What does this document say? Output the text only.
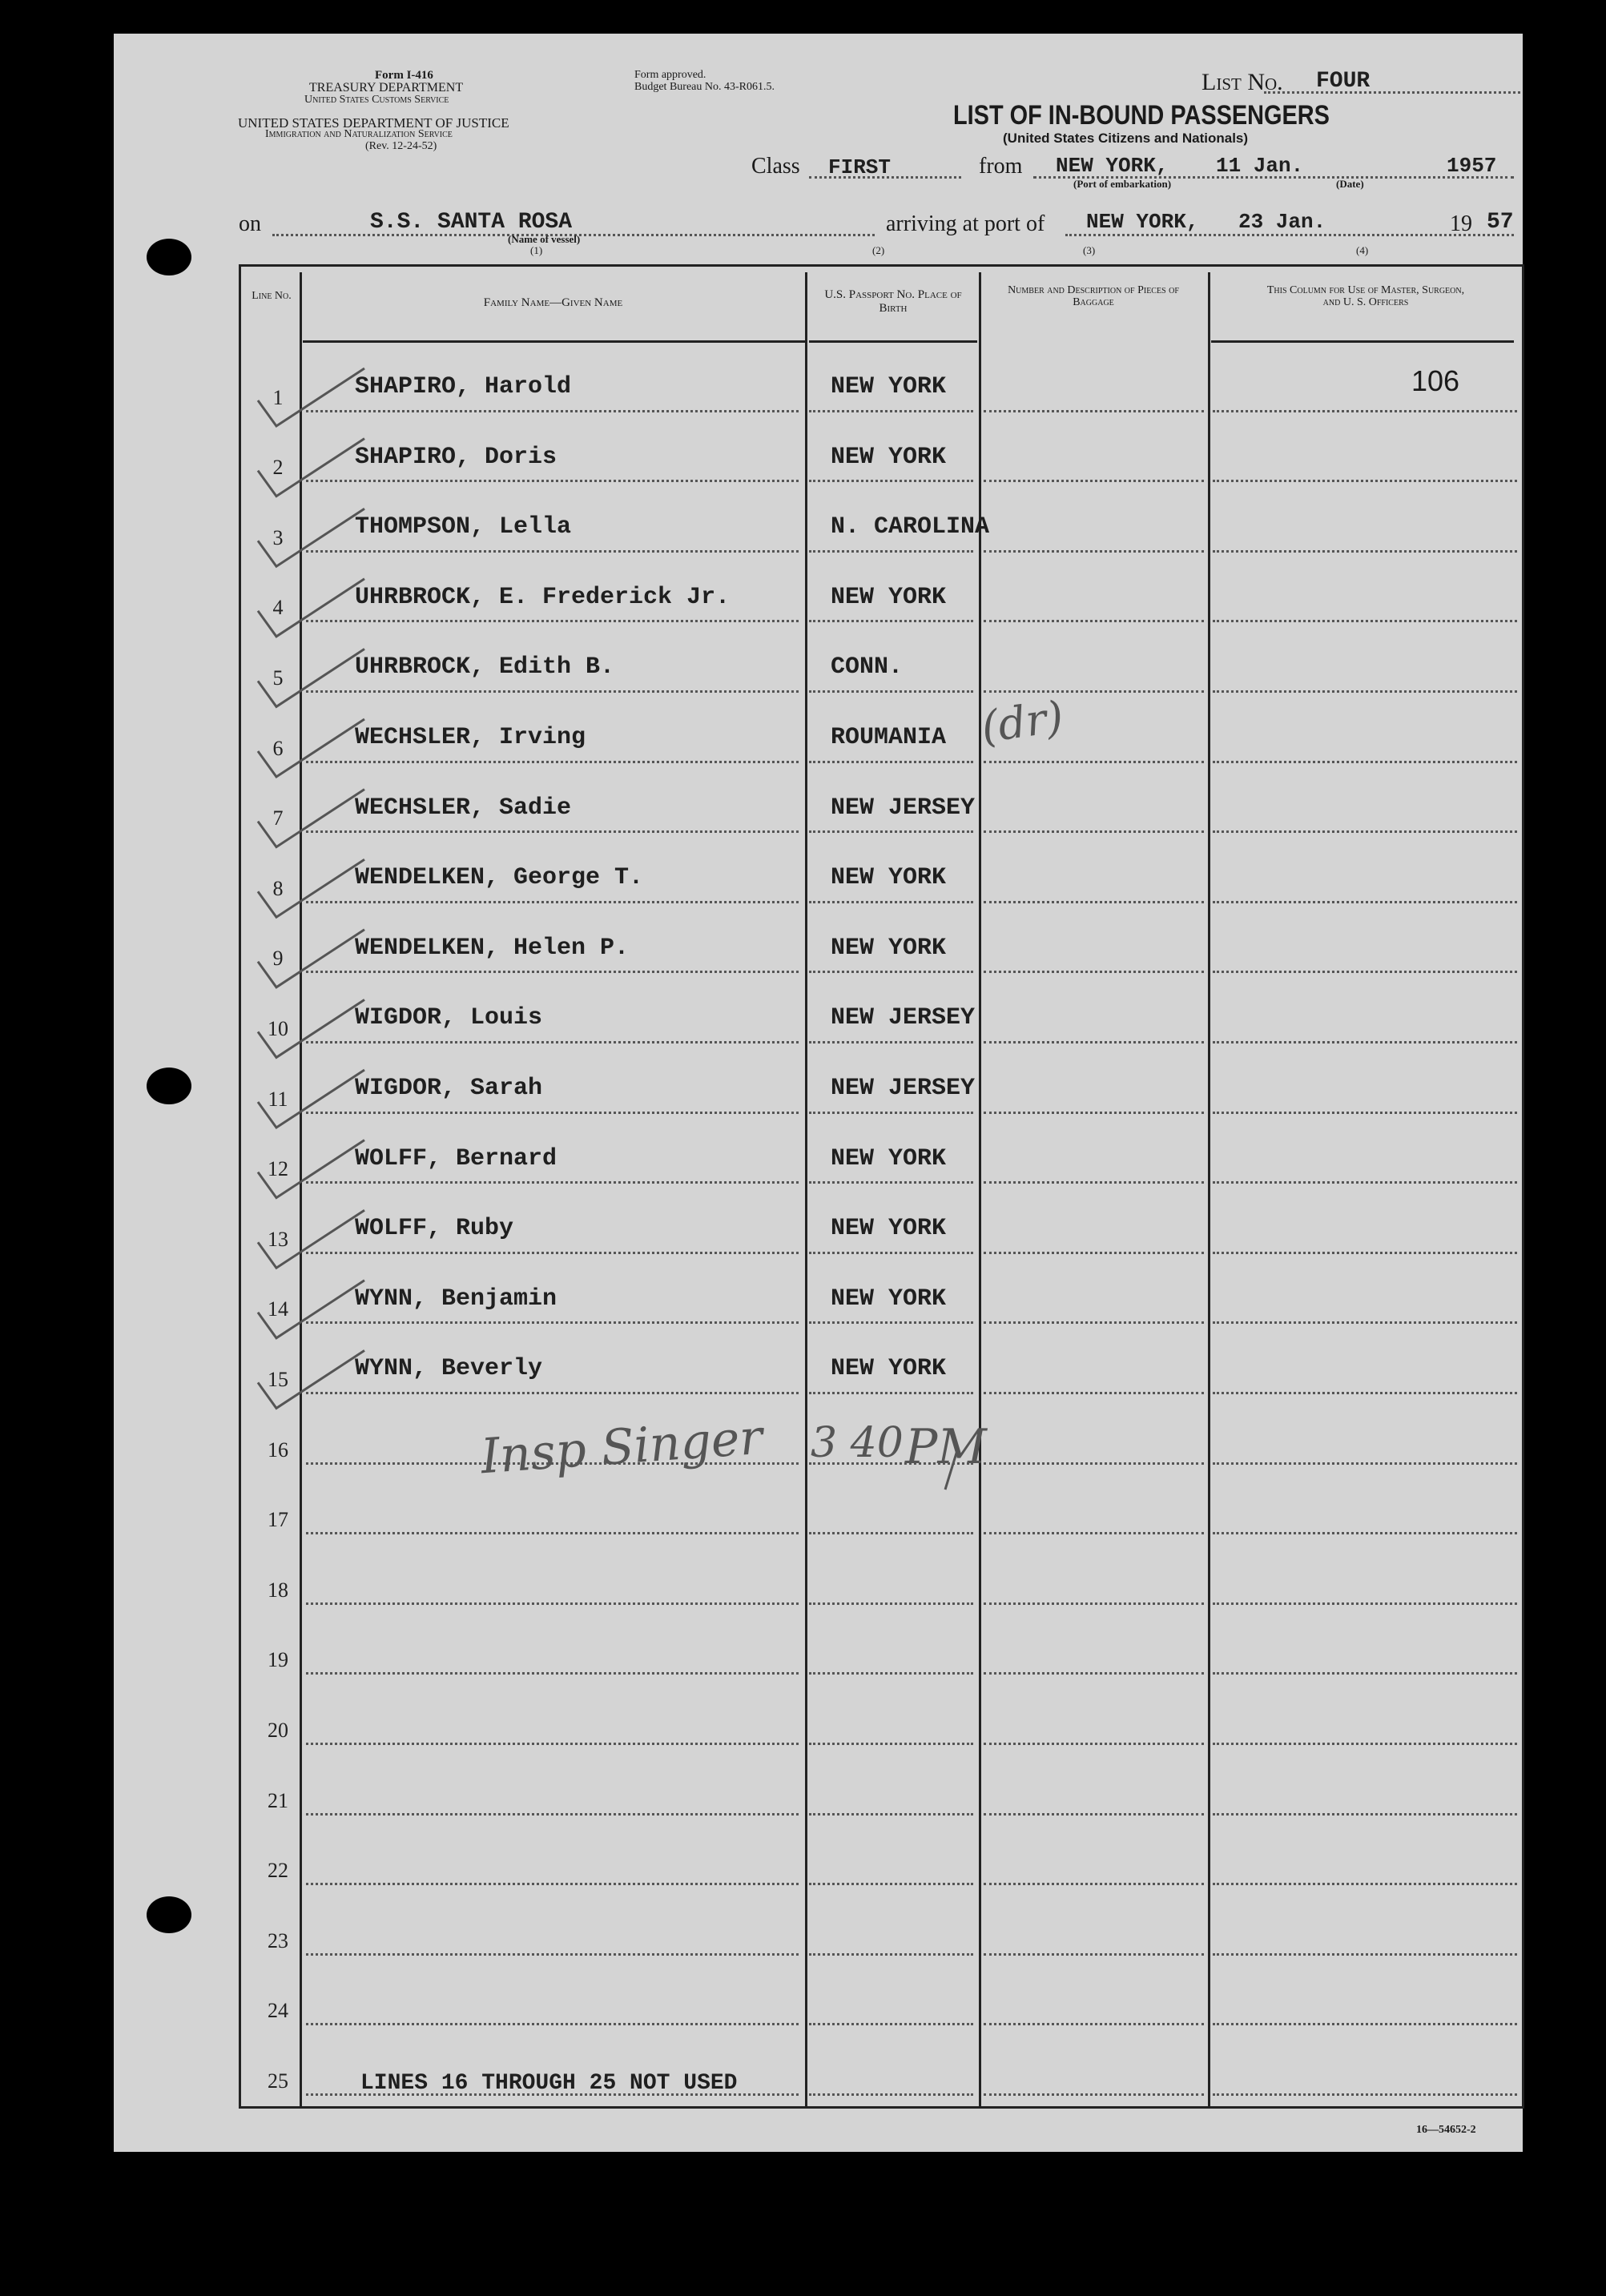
Form I-416
TREASURY DEPARTMENT
United States Customs Service
UNITED STATES DEPARTMENT OF JUSTICE
Immigration and Naturalization Service
(Rev. 12-24-52)
Form approved.
Budget Bureau No. 43-R061.5.	List No. FOUR
LIST OF IN-BOUND PASSENGERS
(United States Citizens and Nationals)
Class FIRST	from NEW YORK, 11 Jan.	1957
(Port of embarkation)	(Date)
on	S.S. SANTA ROSA
(Name of vessel)
(1)
arriving at port of NEW YORK, 23 Jan.	19 57
(2)	(3)	(4)
Line No.
Family Name—Given Name
U.S. Passport No. Place of Birth
Number and Description of Pieces of Baggage
This Column for Use of Master, Surgeon, and U. S. Officers
1	SHAPIRO, Harold	NEW YORK
2	SHAPIRO, Doris	NEW YORK
3	THOMPSON, Lella	N. CAROLINA
4	UHRBROCK, E. Frederick Jr.	NEW YORK
5	UHRBROCK, Edith B.	CONN.
6	WECHSLER, Irving	ROUMANIA
7	WECHSLER, Sadie	NEW JERSEY
8	WENDELKEN, George T.	NEW YORK
9	WENDELKEN, Helen P.	NEW YORK
10	WIGDOR, Louis	NEW JERSEY
11	WIGDOR, Sarah	NEW JERSEY
12	WOLFF, Bernard	NEW YORK
13	WOLFF, Ruby	NEW YORK
14	WYNN, Benjamin	NEW YORK
15	WYNN, Beverly	NEW YORK
16
17
18
19
20
21
22
23
24
25
106
LINES 16 THROUGH 25 NOT USED
(dr)
Insp Singer 3 40 PM
16—54652-2
